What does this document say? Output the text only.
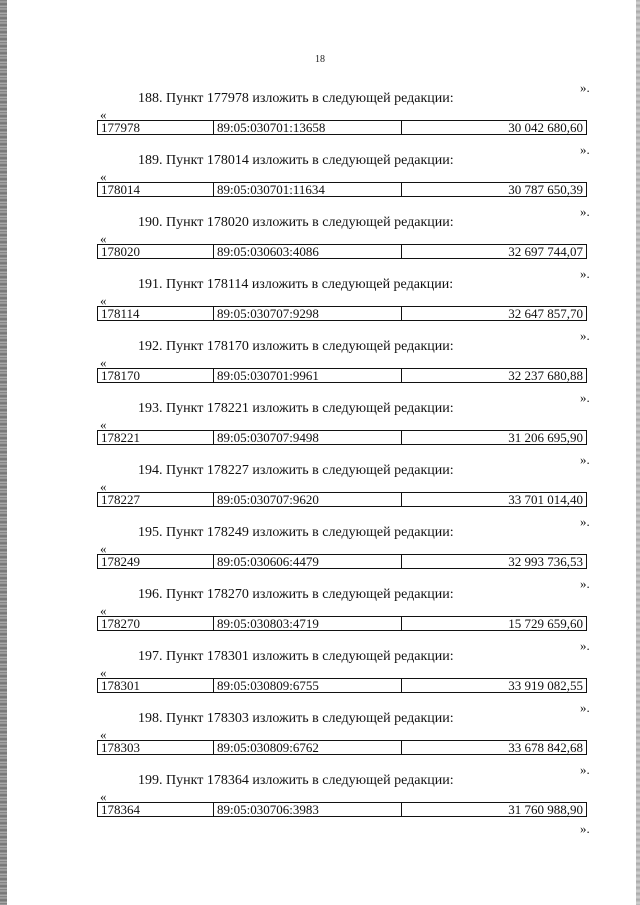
18
».
188. Пункт 177978 изложить в следующей редакции:
«
177978	89:05:030701:13658	30 042 680,60
».
189. Пункт 178014 изложить в следующей редакции:
«
178014	89:05:030701:11634	30 787 650,39
».
190. Пункт 178020 изложить в следующей редакции:
«
178020	89:05:030603:4086	32 697 744,07
».
191. Пункт 178114 изложить в следующей редакции:
«
178114	89:05:030707:9298	32 647 857,70
».
192. Пункт 178170 изложить в следующей редакции:
«
178170	89:05:030701:9961	32 237 680,88
».
193. Пункт 178221 изложить в следующей редакции:
«
178221	89:05:030707:9498	31 206 695,90
».
194. Пункт 178227 изложить в следующей редакции:
«
178227	89:05:030707:9620	33 701 014,40
».
195. Пункт 178249 изложить в следующей редакции:
«
178249	89:05:030606:4479	32 993 736,53
».
196. Пункт 178270 изложить в следующей редакции:
«
178270	89:05:030803:4719	15 729 659,60
».
197. Пункт 178301 изложить в следующей редакции:
«
178301	89:05:030809:6755	33 919 082,55
».
198. Пункт 178303 изложить в следующей редакции:
«
178303	89:05:030809:6762	33 678 842,68
».
199. Пункт 178364 изложить в следующей редакции:
«
178364	89:05:030706:3983	31 760 988,90
».
